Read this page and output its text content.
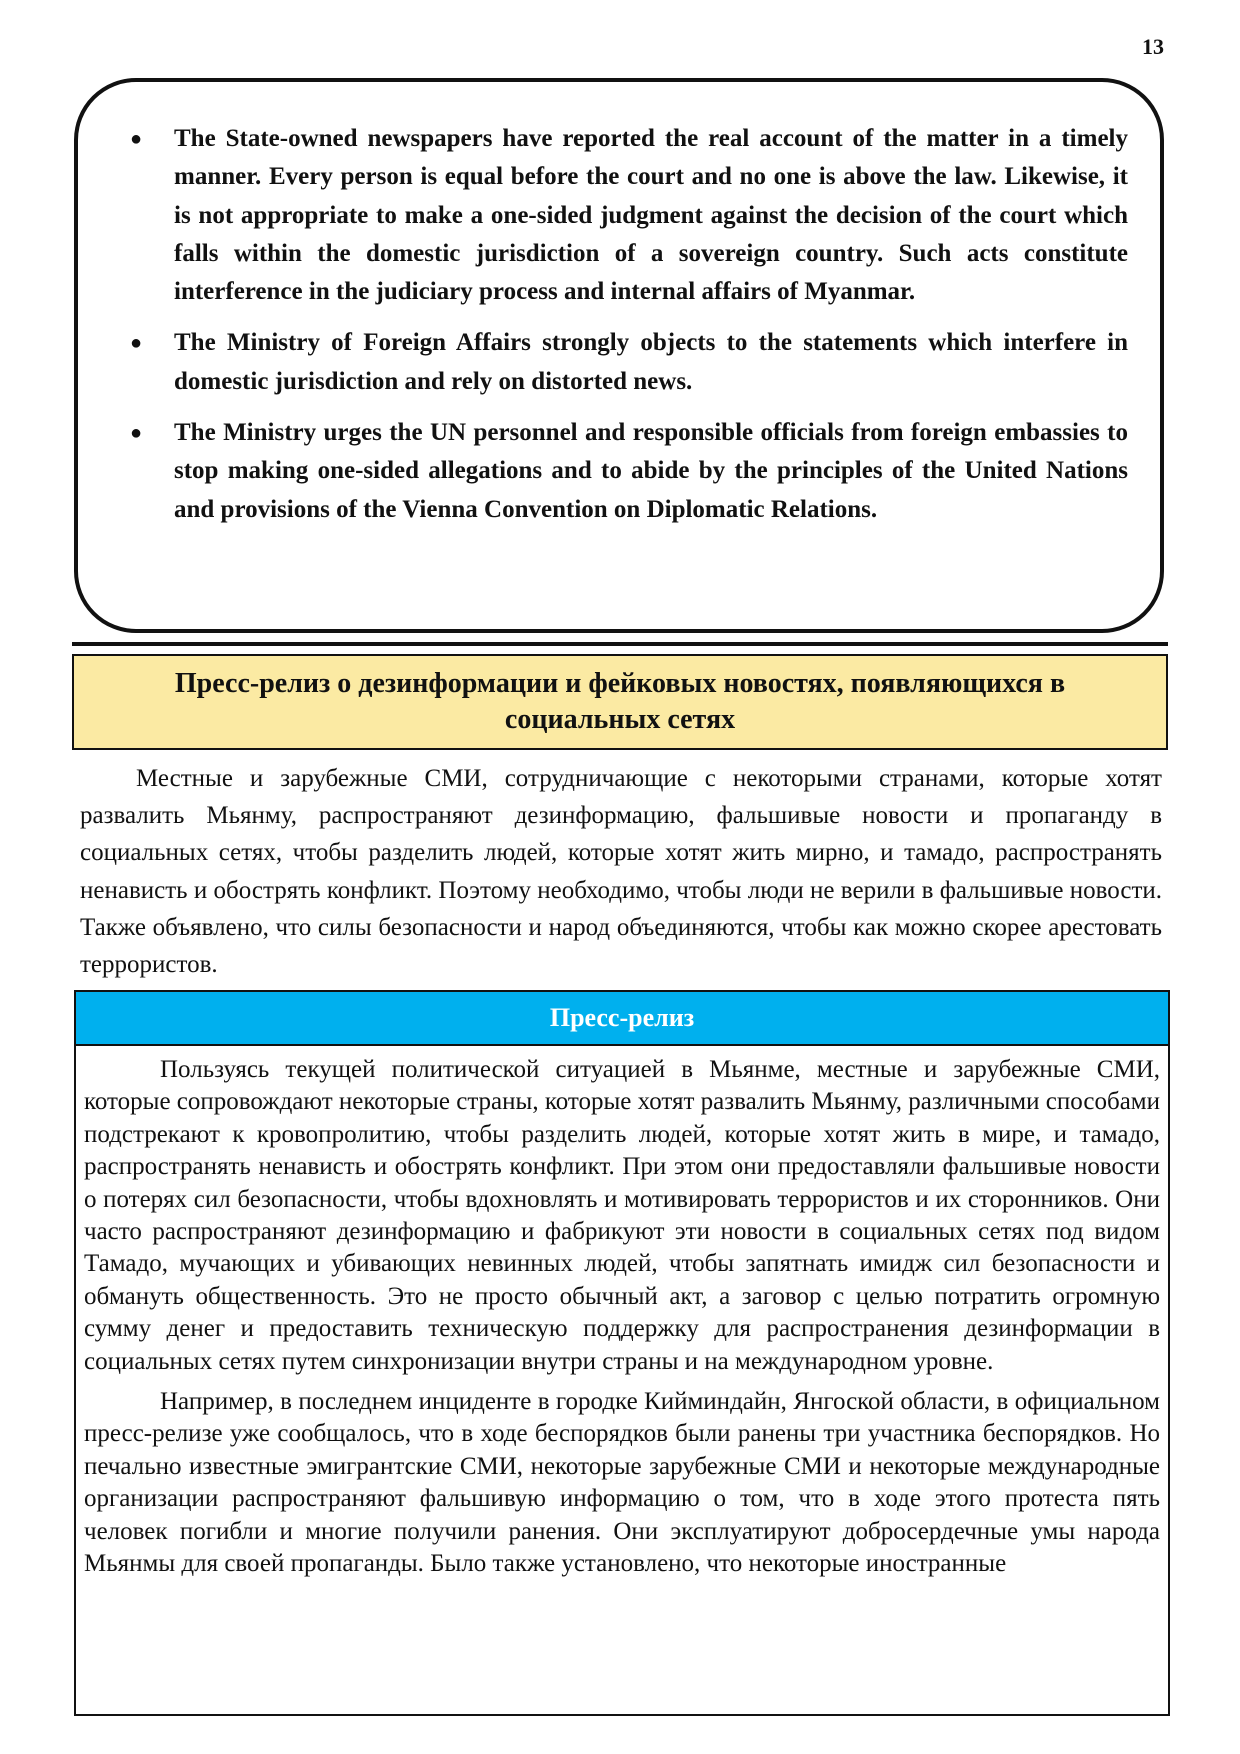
13
● The State-owned newspapers have reported the real account of the matter in a timely manner. Every person is equal before the court and no one is above the law. Likewise, it is not appropriate to make a one-sided judgment against the decision of the court which falls within the domestic jurisdiction of a sovereign country. Such acts constitute interference in the judiciary process and internal affairs of Myanmar.
● The Ministry of Foreign Affairs strongly objects to the statements which interfere in domestic jurisdiction and rely on distorted news.
● The Ministry urges the UN personnel and responsible officials from foreign embassies to stop making one-sided allegations and to abide by the principles of the United Nations and provisions of the Vienna Convention on Diplomatic Relations.
Пресс-релиз о дезинформации и фейковых новостях, появляющихся в социальных сетях

Местные и зарубежные СМИ, сотрудничающие с некоторыми странами, которые хотят развалить Мьянму, распространяют дезинформацию, фальшивые новости и пропаганду в социальных сетях, чтобы разделить людей, которые хотят жить мирно, и тамадо, распространять ненависть и обострять конфликт. Поэтому необходимо, чтобы люди не верили в фальшивые новости. Также объявлено, что силы безопасности и народ объединяются, чтобы как можно скорее арестовать террористов.

Пресс-релиз

Пользуясь текущей политической ситуацией в Мьянме, местные и зарубежные СМИ, которые сопровождают некоторые страны, которые хотят развалить Мьянму, различными способами подстрекают к кровопролитию, чтобы разделить людей, которые хотят жить в мире, и тамадо, распространять ненависть и обострять конфликт. При этом они предоставляли фальшивые новости о потерях сил безопасности, чтобы вдохновлять и мотивировать террористов и их сторонников. Они часто распространяют дезинформацию и фабрикуют эти новости в социальных сетях под видом Тамадо, мучающих и убивающих невинных людей, чтобы запятнать имидж сил безопасности и обмануть общественность. Это не просто обычный акт, а заговор с целью потратить огромную сумму денег и предоставить техническую поддержку для распространения дезинформации в социальных сетях путем синхронизации внутри страны и на международном уровне.

Например, в последнем инциденте в городке Кийминдайн, Янгоской области, в официальном пресс-релизе уже сообщалось, что в ходе беспорядков были ранены три участника беспорядков. Но печально известные эмигрантские СМИ, некоторые зарубежные СМИ и некоторые международные организации распространяют фальшивую информацию о том, что в ходе этого протеста пять человек погибли и многие получили ранения. Они эксплуатируют добросердечные умы народа Мьянмы для своей пропаганды. Было также установлено, что некоторые иностранные
